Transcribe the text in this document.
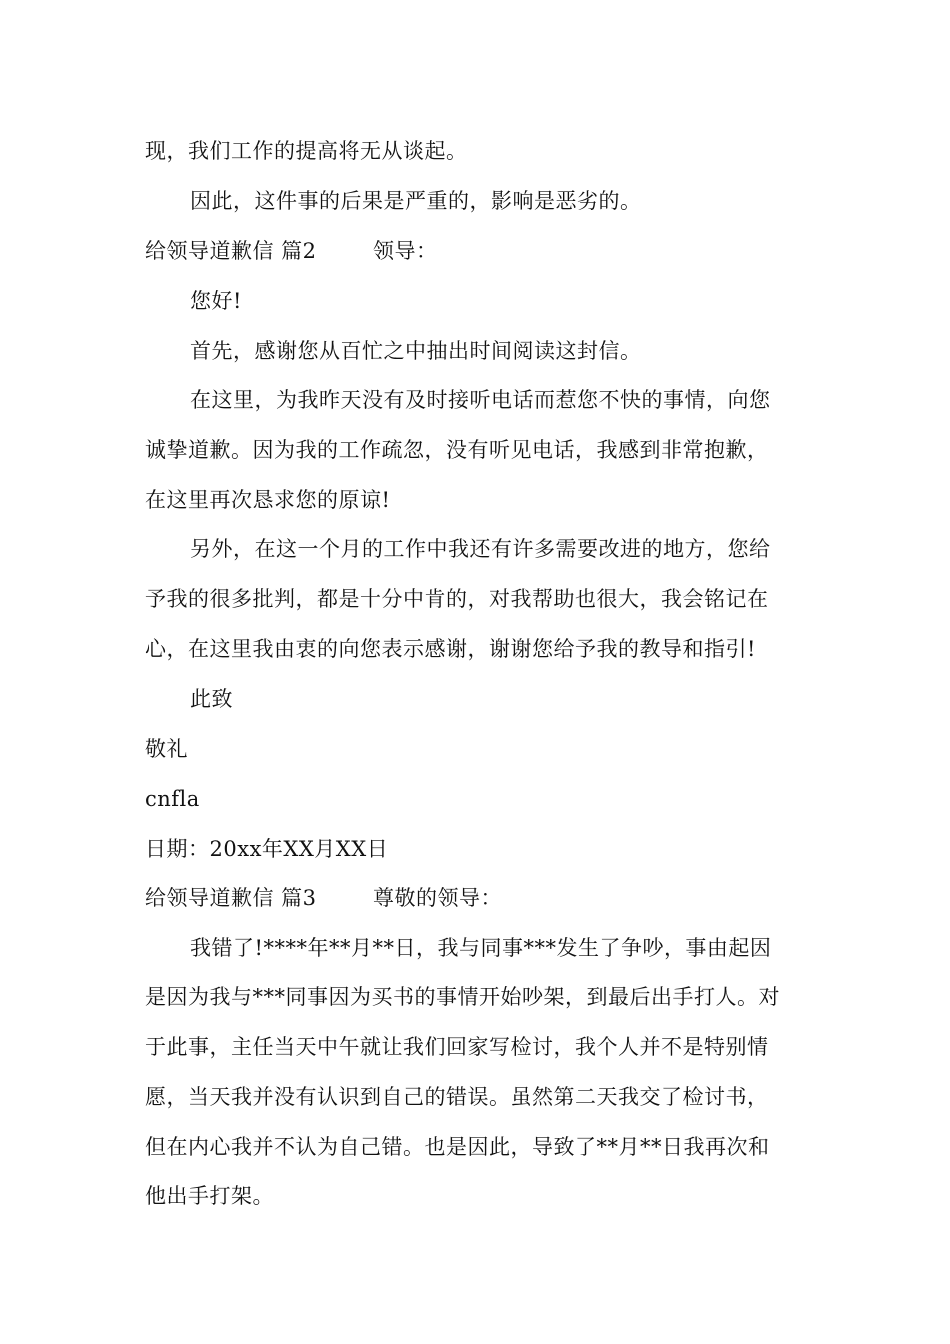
现，我们工作的提高将无从谈起。
因此，这件事的后果是严重的，影响是恶劣的。
给领导道歉信 篇2	领导：
您好!
首先，感谢您从百忙之中抽出时间阅读这封信。
在这里，为我昨天没有及时接听电话而惹您不快的事情，向您
诚挚道歉。因为我的工作疏忽，没有听见电话，我感到非常抱歉，
在这里再次恳求您的原谅!
另外，在这一个月的工作中我还有许多需要改进的地方，您给
予我的很多批判，都是十分中肯的，对我帮助也很大，我会铭记在
心，在这里我由衷的向您表示感谢，谢谢您给予我的教导和指引!
此致
敬礼
cnfla
日期：20xx年XX月XX日
给领导道歉信 篇3	尊敬的领导：
我错了!****年**月**日，我与同事***发生了争吵，事由起因
是因为我与***同事因为买书的事情开始吵架，到最后出手打人。对
于此事，主任当天中午就让我们回家写检讨，我个人并不是特别情
愿，当天我并没有认识到自己的错误。虽然第二天我交了检讨书，
但在内心我并不认为自己错。也是因此，导致了**月**日我再次和
他出手打架。
